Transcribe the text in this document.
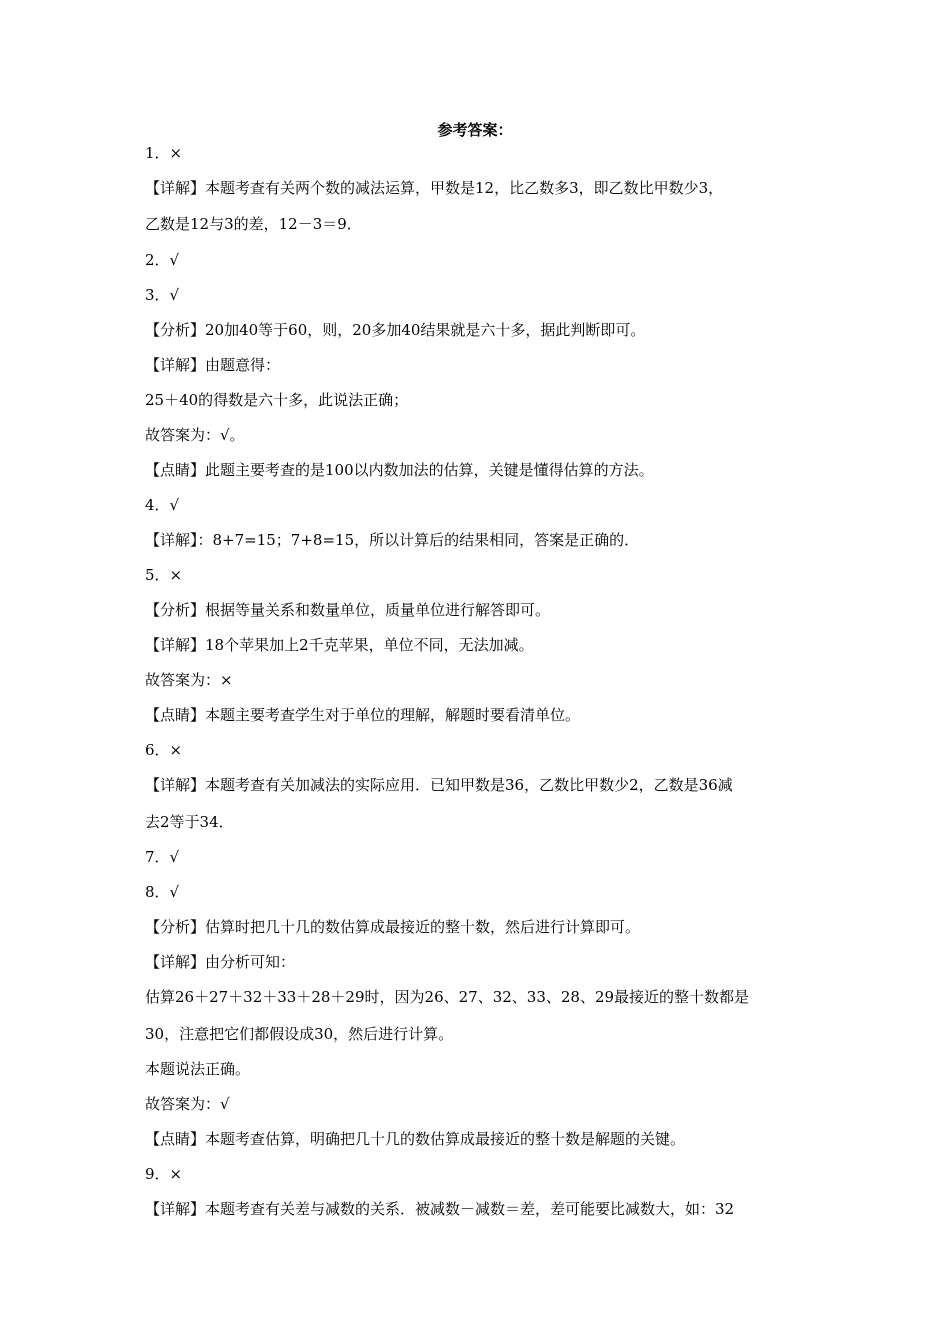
参考答案：
1．×
【详解】本题考查有关两个数的减法运算，甲数是12，比乙数多3，即乙数比甲数少3，
乙数是12与3的差，12－3＝9．
2．√
3．√
【分析】20加40等于60，则，20多加40结果就是六十多，据此判断即可。
【详解】由题意得：
25＋40的得数是六十多，此说法正确；
故答案为：√。
【点睛】此题主要考查的是100以内数加法的估算，关键是懂得估算的方法。
4．√
【详解】：8+7=15；7+8=15，所以计算后的结果相同，答案是正确的．
5．×
【分析】根据等量关系和数量单位，质量单位进行解答即可。
【详解】18个苹果加上2千克苹果，单位不同，无法加减。
故答案为：×
【点睛】本题主要考查学生对于单位的理解，解题时要看清单位。
6．×
【详解】本题考查有关加减法的实际应用．已知甲数是36，乙数比甲数少2，乙数是36减
去2等于34．
7．√
8．√
【分析】估算时把几十几的数估算成最接近的整十数，然后进行计算即可。
【详解】由分析可知：
估算26＋27＋32＋33＋28＋29时，因为26、27、32、33、28、29最接近的整十数都是
30，注意把它们都假设成30，然后进行计算。
本题说法正确。
故答案为：√
【点睛】本题考查估算，明确把几十几的数估算成最接近的整十数是解题的关键。
9．×
【详解】本题考查有关差与减数的关系．被减数－减数＝差，差可能要比减数大，如：32
